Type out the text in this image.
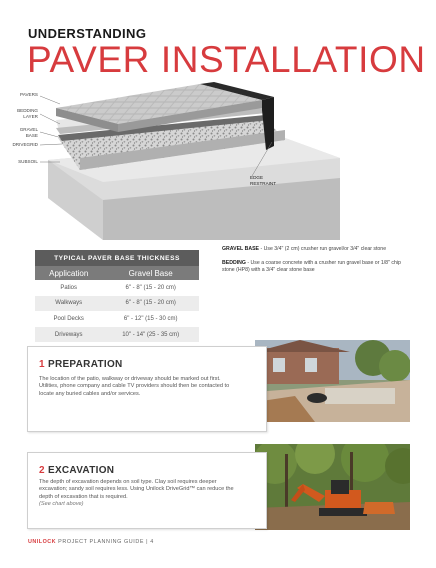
UNDERSTANDING
PAVER INSTALLATION
PAVERS
BEDDING LAYER
GRAVEL BASE
DRIVEGRID
SUBSOIL
EDGE RESTRAINT
TYPICAL PAVER BASE THICKNESS	
Application	Gravel Base
Patios	6" - 8" (15 - 20 cm)
Walkways	6" - 8" (15 - 20 cm)
Pool Decks	6" - 12" (15 - 30 cm)
Driveways	10" - 14" (25 - 35 cm)
GRAVEL BASE - Use 3/4" (2 cm) crusher run gravel/or 3/4" clear stone
BEDDING - Use a coarse concrete with a crusher run gravel base or 1/8" chip stone (HP8) with a 3/4" clear stone base
1 PREPARATION
The location of the patio, walkway or driveway should be marked out first. Utilities, phone company and cable TV providers should then be contacted to locate any buried cables and/or services.
2 EXCAVATION
The depth of excavation depends on soil type. Clay soil requires deeper excavation; sandy soil requires less. Using Unilock DriveGrid™ can reduce the depth of excavation that is required.
(See chart above)
UNILOCK PROJECT PLANNING GUIDE | 4
